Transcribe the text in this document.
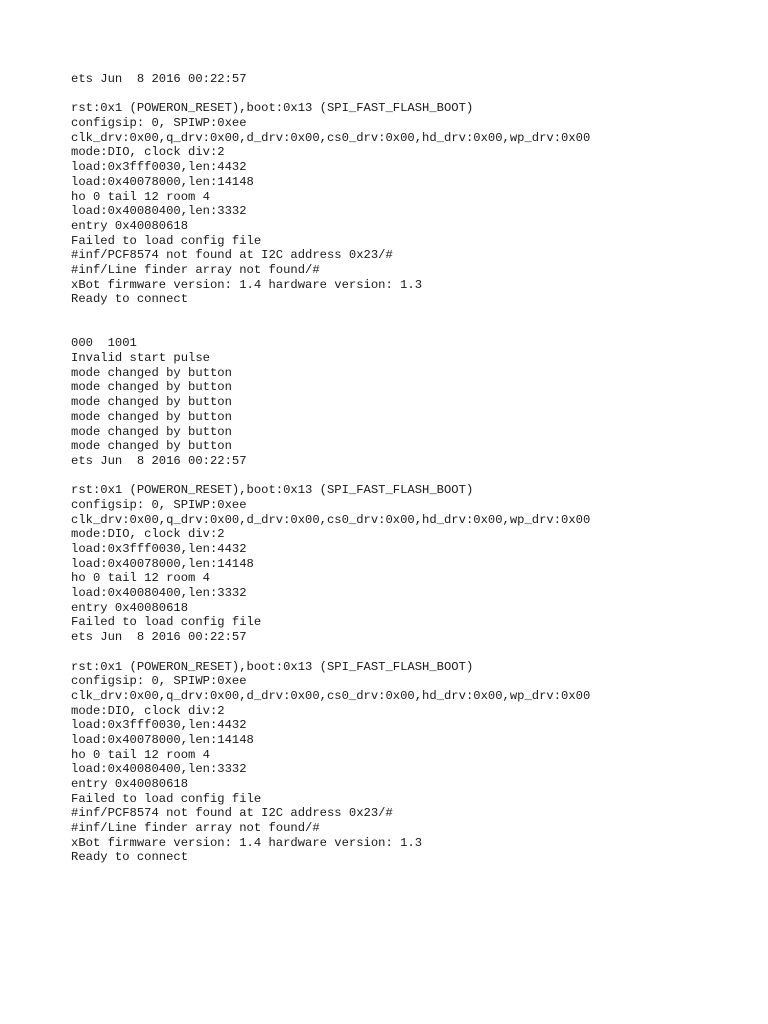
ets Jun  8 2016 00:22:57
rst:0x1 (POWERON_RESET),boot:0x13 (SPI_FAST_FLASH_BOOT)
configsip: 0, SPIWP:0xee
clk_drv:0x00,q_drv:0x00,d_drv:0x00,cs0_drv:0x00,hd_drv:0x00,wp_drv:0x00
mode:DIO, clock div:2
load:0x3fff0030,len:4432
load:0x40078000,len:14148
ho 0 tail 12 room 4
load:0x40080400,len:3332
entry 0x40080618
Failed to load config file
#inf/PCF8574 not found at I2C address 0x23/#
#inf/Line finder array not found/#
xBot firmware version: 1.4 hardware version: 1.3
Ready to connect
000  1001
Invalid start pulse
mode changed by button
mode changed by button
mode changed by button
mode changed by button
mode changed by button
mode changed by button
ets Jun  8 2016 00:22:57
rst:0x1 (POWERON_RESET),boot:0x13 (SPI_FAST_FLASH_BOOT)
configsip: 0, SPIWP:0xee
clk_drv:0x00,q_drv:0x00,d_drv:0x00,cs0_drv:0x00,hd_drv:0x00,wp_drv:0x00
mode:DIO, clock div:2
load:0x3fff0030,len:4432
load:0x40078000,len:14148
ho 0 tail 12 room 4
load:0x40080400,len:3332
entry 0x40080618
Failed to load config file
ets Jun  8 2016 00:22:57
rst:0x1 (POWERON_RESET),boot:0x13 (SPI_FAST_FLASH_BOOT)
configsip: 0, SPIWP:0xee
clk_drv:0x00,q_drv:0x00,d_drv:0x00,cs0_drv:0x00,hd_drv:0x00,wp_drv:0x00
mode:DIO, clock div:2
load:0x3fff0030,len:4432
load:0x40078000,len:14148
ho 0 tail 12 room 4
load:0x40080400,len:3332
entry 0x40080618
Failed to load config file
#inf/PCF8574 not found at I2C address 0x23/#
#inf/Line finder array not found/#
xBot firmware version: 1.4 hardware version: 1.3
Ready to connect
